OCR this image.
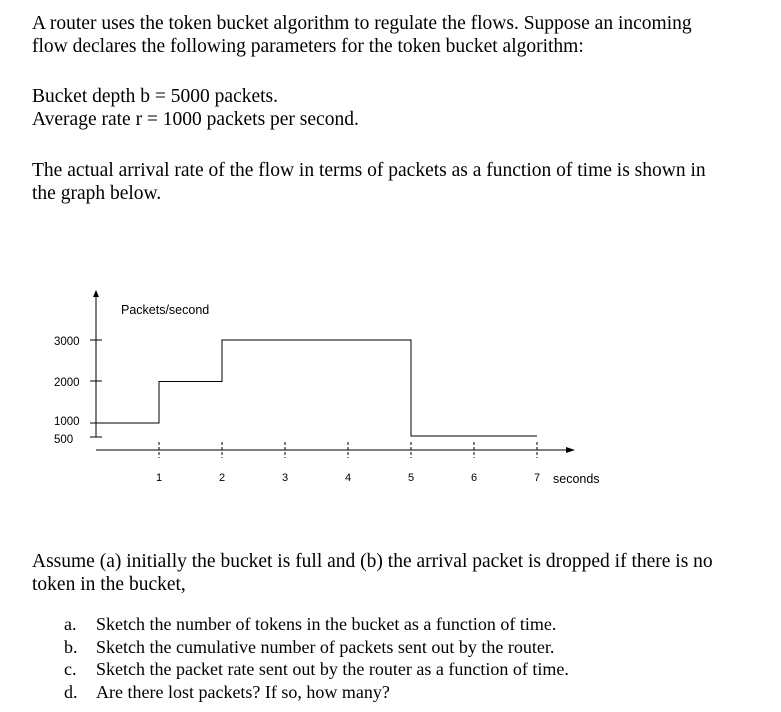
A router uses the token bucket algorithm to regulate the flows. Suppose an incoming
flow declares the following parameters for the token bucket algorithm:

Bucket depth b = 5000 packets.
Average rate r = 1000 packets per second.

The actual arrival rate of the flow in terms of packets as a function of time is shown in
the graph below.

Packets/second
seconds
3000
2000
1000
500
1	2	3	4	5	6	7

Assume (a) initially the bucket is full and (b) the arrival packet is dropped if there is no
token in the bucket,

a. Sketch the number of tokens in the bucket as a function of time.
b. Sketch the cumulative number of packets sent out by the router.
c. Sketch the packet rate sent out by the router as a function of time.
d. Are there lost packets? If so, how many?
